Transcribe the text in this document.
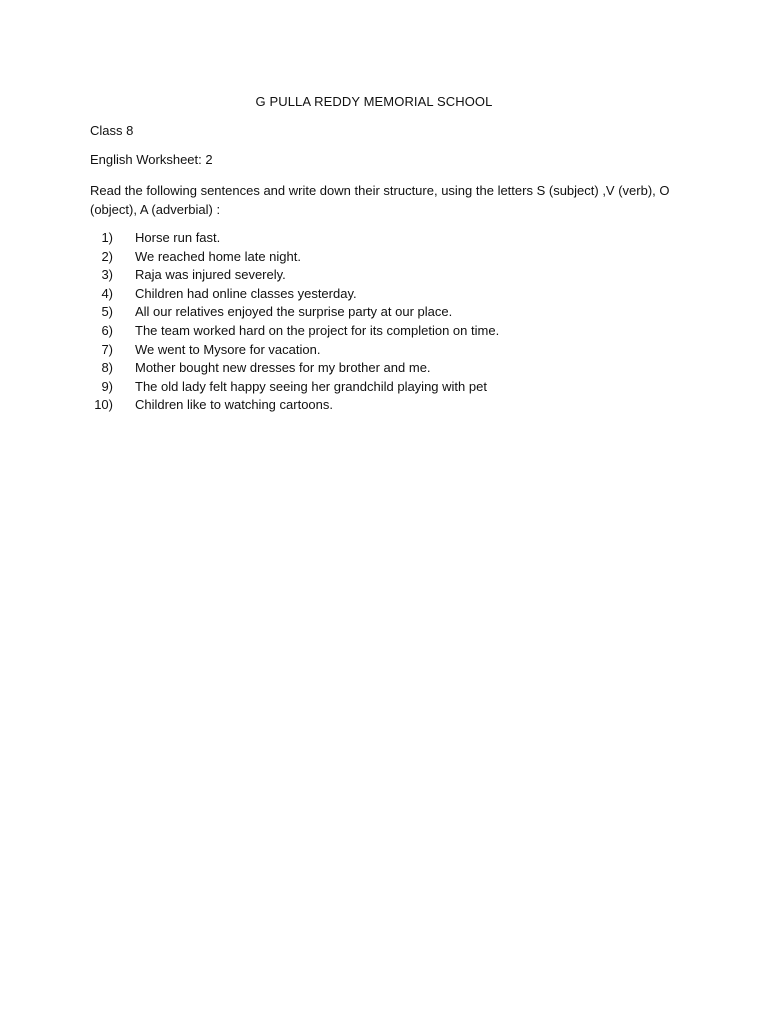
G PULLA REDDY MEMORIAL SCHOOL
Class 8
English Worksheet: 2
Read the following sentences and write down their structure, using the letters S (subject) ,V (verb), O (object), A (adverbial) :
1) Horse run fast.
2) We reached home late night.
3) Raja was injured severely.
4) Children had online classes yesterday.
5) All our relatives enjoyed the surprise party at our place.
6) The team worked hard on the project for its completion on time.
7) We went to Mysore for vacation.
8) Mother bought new dresses for my brother and me.
9) The old lady felt happy seeing her grandchild playing with pet
10) Children like to watching cartoons.
